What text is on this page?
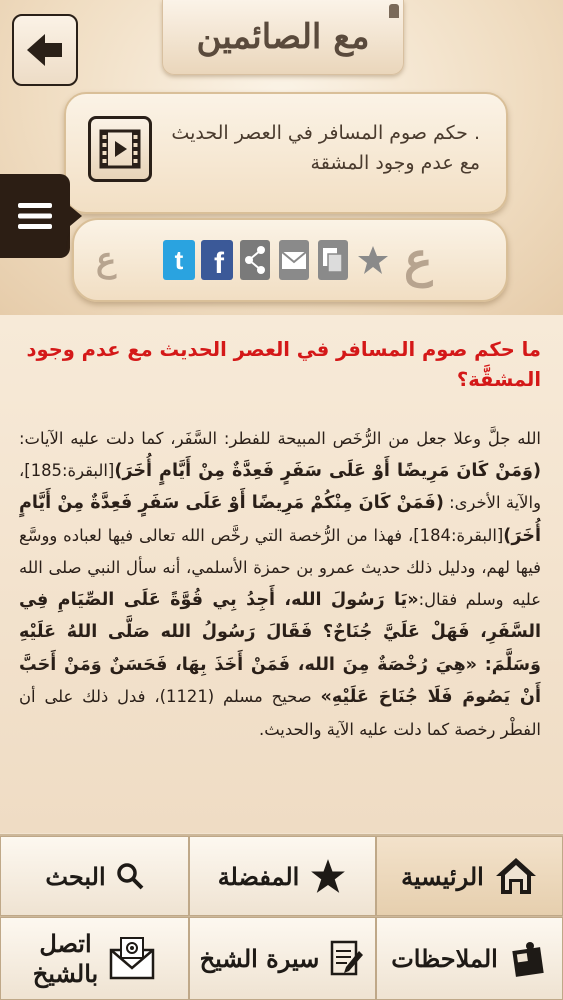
مع الصائمين
. حكم صوم المسافر في العصر الحديث مع عدم وجود المشقة
ع t f	ع
ما حكم صوم المسافر في العصر الحديث مع عدم وجود المشقَّة؟
الله جلَّ وعلا جعل من الرُّخَص المبيحة للفطر: السَّفَر، كما دلت عليه الآيات: (وَمَنْ كَانَ مَرِيضًا أَوْ عَلَى سَفَرٍ فَعِدَّةٌ مِنْ أَيَّامٍ أُخَرَ)[البقرة:185]، والآية الأخرى: (فَمَنْ كَانَ مِنْكُمْ مَرِيضًا أَوْ عَلَى سَفَرٍ فَعِدَّةٌ مِنْ أَيَّامٍ أُخَرَ)[البقرة:184]، فهذا من الرُّخصة التي رخَّص الله تعالى فيها لعباده ووسَّع فيها لهم، ودليل ذلك حديث عمرو بن حمزة الأسلمي، أنه سأل النبي صلى الله عليه وسلم فقال:«يَا رَسُولَ الله، أَجِدُ بِي قُوَّةً عَلَى الصِّيَامِ فِي السَّفَرِ، فَهَلْ عَلَيَّ جُنَاحٌ؟ فَقَالَ رَسُولُ الله صَلَّى اللهُ عَلَيْهِ وَسَلَّمَ: «هِيَ رُخْصَةٌ مِنَ الله، فَمَنْ أَخَذَ بِهَا، فَحَسَنٌ وَمَنْ أَحَبَّ أَنْ يَصُومَ فَلَا جُنَاحَ عَلَيْهِ» صحيح مسلم (1121)، فدل ذلك على أن الفطْر رخصة كما دلت عليه الآية والحديث.
الرئيسية
المفضلة
البحث
الملاحظات
سيرة الشيخ
اتصل
بالشيخ
